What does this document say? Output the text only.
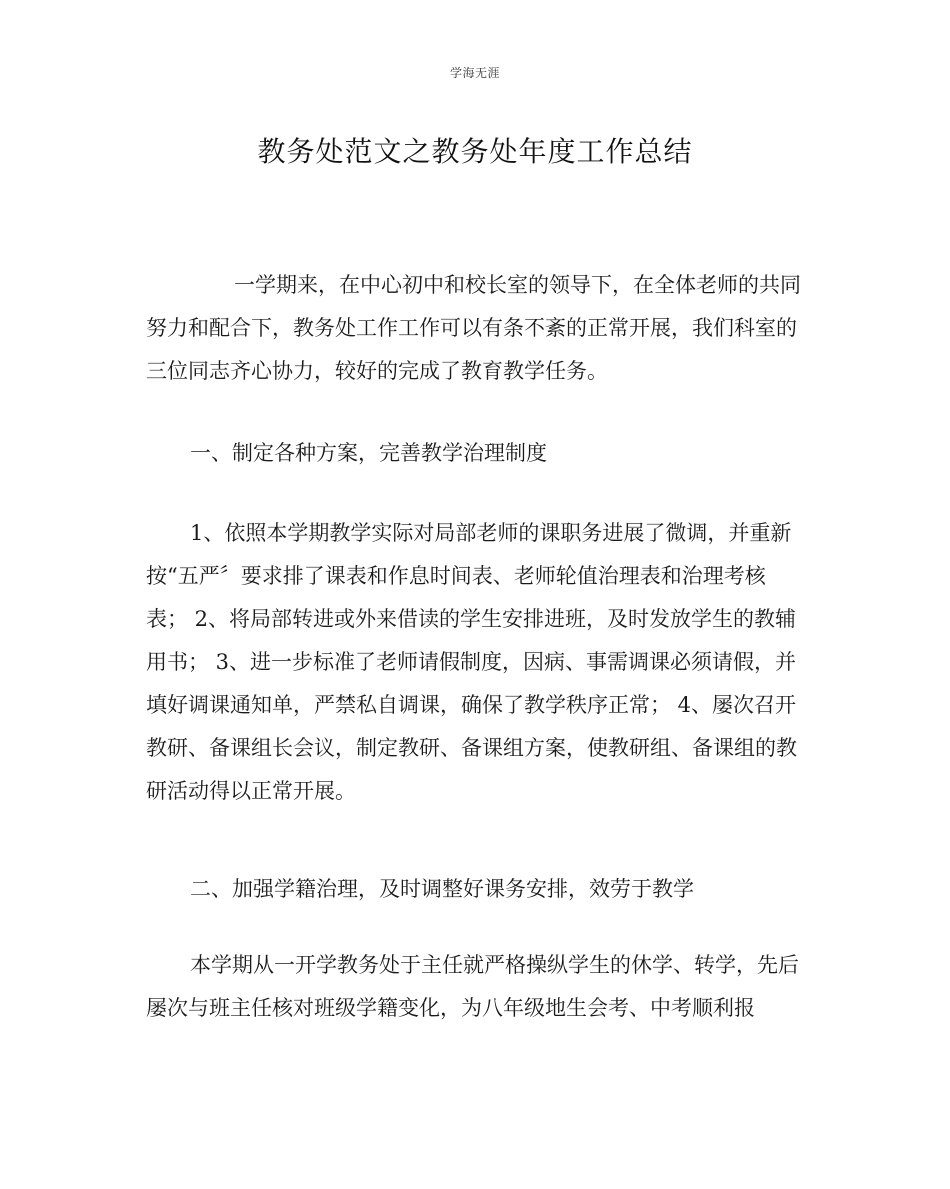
学海无涯
教务处范文之教务处年度工作总结
一学期来，在中心初中和校长室的领导下，在全体老师的共同努力和配合下，教务处工作工作可以有条不紊的正常开展，我们科室的三位同志齐心协力，较好的完成了教育教学任务。
一、制定各种方案，完善教学治理制度
1、依照本学期教学实际对局部老师的课职务进展了微调，并重新按“五严〞要求排了课表和作息时间表、老师轮值治理表和治理考核表； 2、将局部转进或外来借读的学生安排进班，及时发放学生的教辅用书； 3、进一步标准了老师请假制度，因病、事需调课必须请假，并填好调课通知单，严禁私自调课，确保了教学秩序正常； 4、屡次召开教研、备课组长会议，制定教研、备课组方案，使教研组、备课组的教研活动得以正常开展。
二、加强学籍治理，及时调整好课务安排，效劳于教学
本学期从一开学教务处于主任就严格操纵学生的休学、转学，先后屡次与班主任核对班级学籍变化，为八年级地生会考、中考顺利报
